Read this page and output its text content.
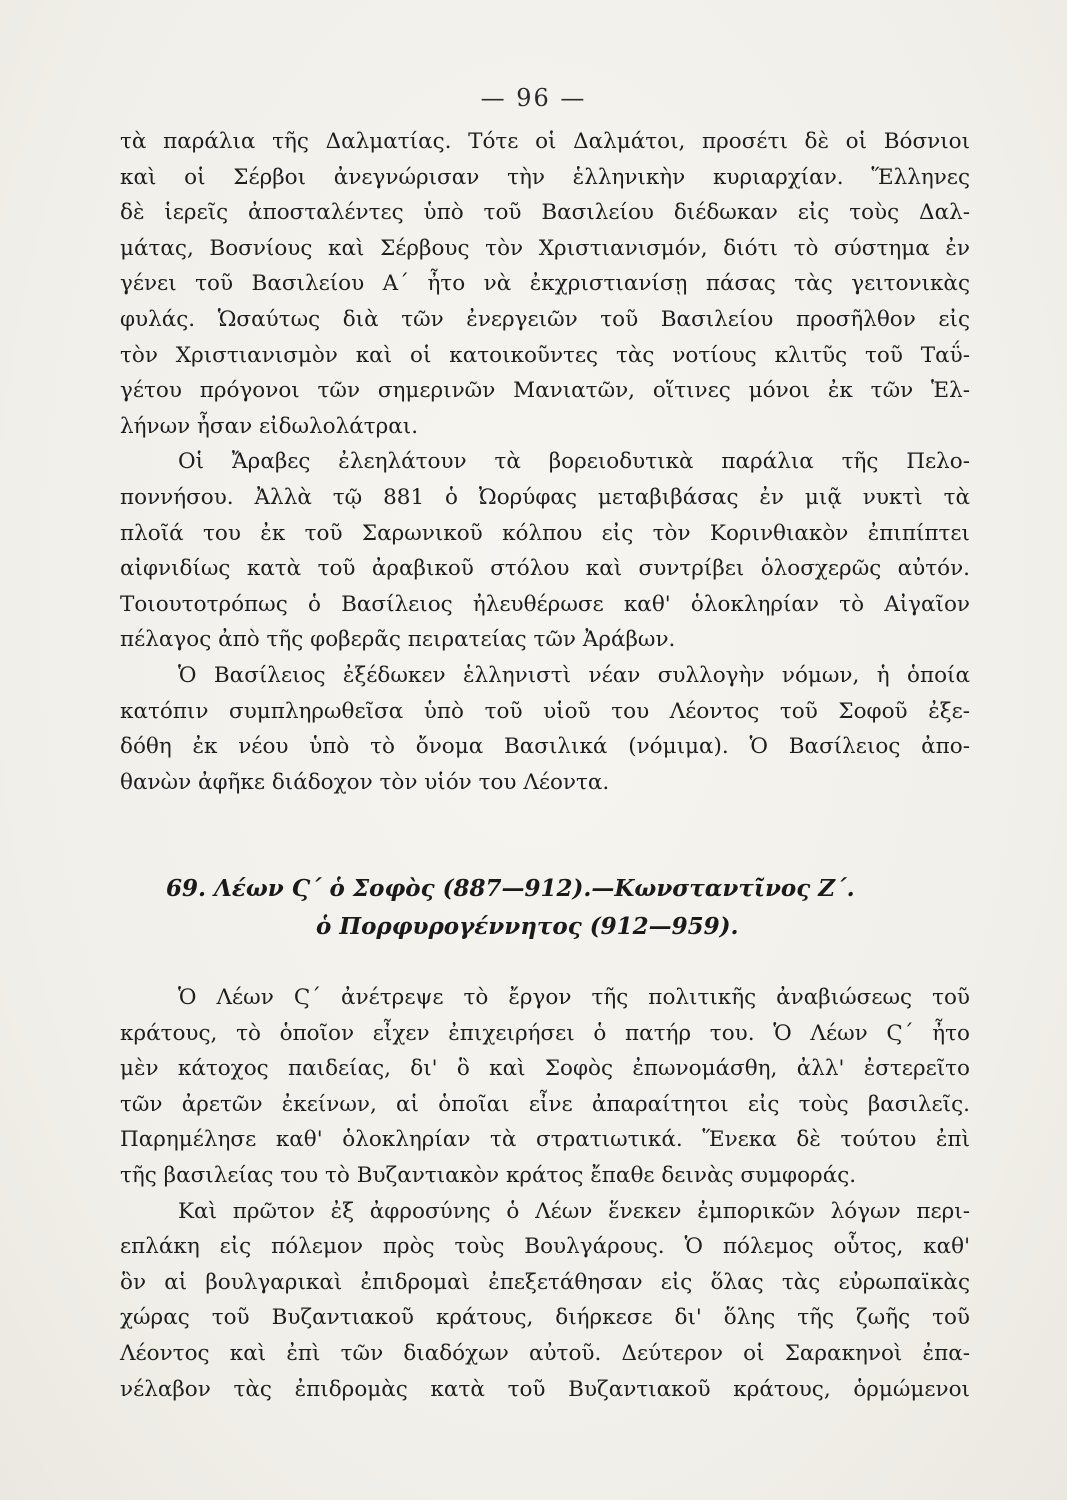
— 96 —
τὰ παράλια τῆς Δαλματίας. Τότε οἱ Δαλμάτοι, προσέτι δὲ οἱ Βόσνιοι
καὶ οἱ Σέρβοι ἀνεγνώρισαν τὴν ἑλληνικὴν κυριαρχίαν. Ἕλληνες
δὲ ἱερεῖς ἀποσταλέντες ὑπὸ τοῦ Βασιλείου διέδωκαν εἰς τοὺς Δαλ-
μάτας, Βοσνίους καὶ Σέρβους τὸν Χριστιανισμόν, διότι τὸ σύστημα ἐν
γένει τοῦ Βασιλείου Α΄ ἦτο νὰ ἐκχριστιανίσῃ πάσας τὰς γειτονικὰς
φυλάς. Ὡσαύτως διὰ τῶν ἐνεργειῶν τοῦ Βασιλείου προσῆλθον εἰς
τὸν Χριστιανισμὸν καὶ οἱ κατοικοῦντες τὰς νοτίους κλιτῦς τοῦ Ταΰ-
γέτου πρόγονοι τῶν σημερινῶν Μανιατῶν, οἵτινες μόνοι ἐκ τῶν Ἑλ-
λήνων ἦσαν εἰδωλολάτραι.
Οἱ Ἄραβες ἐλεηλάτουν τὰ βορειοδυτικὰ παράλια τῆς Πελο-
ποννήσου. Ἀλλὰ τῷ 881 ὁ Ὠορύφας μεταβιβάσας ἐν μιᾷ νυκτὶ τὰ
πλοῖά του ἐκ τοῦ Σαρωνικοῦ κόλπου εἰς τὸν Κορινθιακὸν ἐπιπίπτει
αἰφνιδίως κατὰ τοῦ ἀραβικοῦ στόλου καὶ συντρίβει ὁλοσχερῶς αὐτόν.
Τοιουτοτρόπως ὁ Βασίλειος ἠλευθέρωσε καθ' ὁλοκληρίαν τὸ Αἰγαῖον
πέλαγος ἀπὸ τῆς φοβερᾶς πειρατείας τῶν Ἀράβων.
Ὁ Βασίλειος ἐξέδωκεν ἑλληνιστὶ νέαν συλλογὴν νόμων, ἡ ὁποία
κατόπιν συμπληρωθεῖσα ὑπὸ τοῦ υἱοῦ του Λέοντος τοῦ Σοφοῦ ἐξε-
δόθη ἐκ νέου ὑπὸ τὸ ὄνομα Βασιλικά (νόμιμα). Ὁ Βασίλειος ἀπο-
θανὼν ἀφῆκε διάδοχον τὸν υἱόν του Λέοντα.
69. Λέων Ϛ΄ ὁ Σοφὸς (887—912).—Κωνσταντῖνος Ζ΄.
ὁ Πορφυρογέννητος (912—959).
Ὁ Λέων Ϛ΄ ἀνέτρεψε τὸ ἔργον τῆς πολιτικῆς ἀναβιώσεως τοῦ
κράτους, τὸ ὁποῖον εἶχεν ἐπιχειρήσει ὁ πατήρ του. Ὁ Λέων Ϛ΄ ἦτο
μὲν κάτοχος παιδείας, δι' ὃ καὶ Σοφὸς ἐπωνομάσθη, ἀλλ' ἐστερεῖτο
τῶν ἀρετῶν ἐκείνων, αἱ ὁποῖαι εἶνε ἀπαραίτητοι εἰς τοὺς βασιλεῖς.
Παρημέλησε καθ' ὁλοκληρίαν τὰ στρατιωτικά. Ἕνεκα δὲ τούτου ἐπὶ
τῆς βασιλείας του τὸ Βυζαντιακὸν κράτος ἔπαθε δεινὰς συμφοράς.
Καὶ πρῶτον ἐξ ἀφροσύνης ὁ Λέων ἕνεκεν ἐμπορικῶν λόγων περι-
επλάκη εἰς πόλεμον πρὸς τοὺς Βουλγάρους. Ὁ πόλεμος οὗτος, καθ'
ὃν αἱ βουλγαρικαὶ ἐπιδρομαὶ ἐπεξετάθησαν εἰς ὅλας τὰς εὐρωπαϊκὰς
χώρας τοῦ Βυζαντιακοῦ κράτους, διήρκεσε δι' ὅλης τῆς ζωῆς τοῦ
Λέοντος καὶ ἐπὶ τῶν διαδόχων αὐτοῦ. Δεύτερον οἱ Σαρακηνοὶ ἐπα-
νέλαβον τὰς ἐπιδρομὰς κατὰ τοῦ Βυζαντιακοῦ κράτους, ὁρμώμενοι
